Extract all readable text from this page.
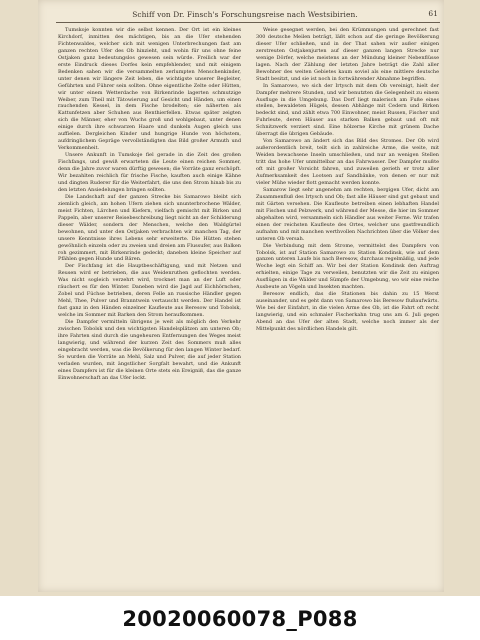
Schiff von Dr. Finsch's Forschungsreise nach Westsibirien.	61

Tumskoje konnten wir die selbst kennen. Der Ort ist ein kleines Kirchdorf, inmitten des mächtigen, bis an die Ufer stehenden Fichtenwaldes, welcher sich mit wenigen Unterbrechungen fast am ganzen rechten Ufer des Ob hinzieht, und wohin für uns ohne feine Ostjaken ganz bedeutungslos gewesen sein würde. Freilich war der erste Eindruck dieses Dorfes kein empfehlender, und mit einigem Bedenken sahen wir die versammelten zerlumpten Menschenkinder, unter denen wir längere Zeit leben, die wichtigste unserer Begleiter, Geführten und Führer sein sollten. Ohne eigentliche Zelte oder Hütten, wir unter einem Wetterdache von Birkenrinde lagerten schmutzige Weiber, zum Theil mit Tätowierung auf Gesicht und Händen, um einen rauchenden Kessel, in dem Fische brodelten; sie näherten als Kattunfetzen aber Schuhen aus Renthierfellen. Etwas später zeigten sich die Männer, eher von Wuchs groß und wohlgebaut, unter denen einige durch ihre schwarzen Haare und dunkeln Augen gleich uns auffielen. Dergleichen Kinder und hungrige Hunde von höchstem, aufdringlichem Gepräge vervollständigten das Bild großer Armuth und Verkommenheit.

Unsere Ankunft in Tumskoje fiel gerade in die Zeit des großen Fischfangs, und gewiß erwarteten die Leute einen reichen Sommer, denn die Jahre zuvor waren dürftig gewesen; die Vorräte ganz erschöpft. Wir bezahlten reichlich für frische Fische, kauften auch einige Kähne und dingten Ruderer für die Weiterfahrt, die uns den Strom hinab bis zu den letzten Ansiedelungen bringen sollten.

Die Landschaft auf der ganzen Strecke bis Samarowo bleibt sich ziemlich gleich, am hohen Ufern ziehen sich ununterbrochene Wälder, meist Fichten, Lärchen und Kiefern, vielfach gemischt mit Birken und Pappeln, aber unserer Reisebeschreibung liegt nicht an der Schilderung dieser Wälder, sondern der Menschen, welche den Waldgürtel bewohnen, und unter den Ostjaken verbrachten wir manchen Tag, der unsere Kenntnisse ihres Lebens sehr erweiterte. Die Hütten stehen gewöhnlich einzeln oder zu zweien und dreien am Flussufer, aus Balken roh gezimmert, mit Birkenrinde gedeckt; daneben kleine Speicher auf Pfählen gegen Hunde und Bären.

Der Fischfang ist die Hauptbeschäftigung, und mit Netzen und Reusen wird er betrieben, die aus Weidenruthen geflochten werden. Was nicht sogleich verzehrt wird, trocknet man an der Luft oder räuchert es für den Winter. Daneben wird die Jagd auf Eichhörnchen, Zobel und Füchse betrieben, deren Felle an russische Händler gegen Mehl, Thee, Pulver und Branntwein vertauscht werden. Der Handel ist fast ganz in den Händen einzelner Kaufleute aus Beresow und Tobolsk, welche im Sommer mit Barken den Strom heraufkommen.

Die Dampfer vermitteln übrigens je weit als möglich den Verkehr zwischen Tobolsk und den wichtigsten Handelsplätzen am unteren Ob; ihre Fahrten sind durch die ungeheuren Entfernungen des Weges meist langwierig, und während der kurzen Zeit des Sommers muß alles eingebracht werden, was die Bevölkerung für den langen Winter bedarf. So wurden die Vorräte an Mehl, Salz und Pulver, die auf jeder Station verladen wurden, mit ängstlicher Sorgfalt bewahrt, und die Ankunft eines Dampfers ist für die kleinen Orte stets ein Ereigniß, das die ganze Einwohnerschaft an das Ufer lockt.

Weise gesegnet werden, bei den Krümmungen und gerechnet fast 300 deutsche Meilen beträgt, läßt schon auf die geringe Bevölkerung dieser Ufer schließen, und in der That sahen wir außer einigen zerstreuten Ostjakenjurten auf dieser ganzen langen Strecke nur wenige Dörfer, welche meistens an der Mündung kleiner Nebenflüsse lagen. Nach der Zählung der letzten Jahre beträgt die Zahl aller Bewohner des weiten Gebietes kaum soviel als eine mittlere deutsche Stadt besitzt, und sie ist noch in fortwährender Abnahme begriffen.

In Samarowo, wo sich der Irtysch mit dem Ob vereinigt, hielt der Dampfer mehrere Stunden, und wir benutzten die Gelegenheit zu einem Ausfluge in die Umgebung. Das Dorf liegt malerisch am Fuße eines steilen, bewaldeten Hügels, dessen Abhänge mit Cedern und Birken bedeckt sind, und zählt etwa 700 Einwohner, meist Russen, Fischer und Fuhrleute, deren Häuser aus starken Balken gebaut und oft mit Schnitzwerk verziert sind. Eine hölzerne Kirche mit grünem Dache überragt die übrigen Gebäude.

Von Samarowo an ändert sich das Bild des Stromes. Der Ob wird außerordentlich breit, teilt sich in zahlreiche Arme, die weite, mit Weiden bewachsene Inseln umschließen, und nur an wenigen Stellen tritt das hohe Ufer unmittelbar an das Fahrwasser. Der Dampfer mußte oft mit großer Vorsicht fahren, und zuweilen gerieth er trotz aller Aufmerksamkeit des Lootsen auf Sandbänke, von denen er nur mit vieler Mühe wieder flott gemacht werden konnte.

Samarow liegt sehr angenehm am rechten, bergigen Ufer, dicht am Zusammenfluß des Irtysch und Ob; fast alle Häuser sind gut gebaut und mit Gärten versehen. Die Kaufleute betreiben einen lebhaften Handel mit Fischen und Pelzwerk, und während der Messe, die hier im Sommer abgehalten wird, versammeln sich Händler aus weiter Ferne. Wir trafen einen der reichsten Kaufleute des Ortes, welcher uns gastfreundlich aufnahm und mit manchen werthvollen Nachrichten über die Völker des unteren Ob versah.

Die Verbindung mit dem Strome, vermittelst des Dampfers von Tobolsk, ist auf Station Samarowo zu Station Kondinsk, wie auf dem ganzen unteren Laufe bis nach Beresow, durchaus regelmäßig, und jede Woche legt ein Schiff an. Wir bei der Station Kondinsk den Auftrag erhielten, einige Tage zu verweilen, benutzten wir die Zeit zu einigen Ausflügen in die Wälder und Sümpfe der Umgebung, wo wir eine reiche Ausbeute an Vögeln und Insekten machten.

Beresow endlich, das die Stationen bis dahin zu 15 Werst auseinander, und es geht dann von Samarowo bis Beresow flußaufwärts. Wie bei der Einfahrt, in die vielen Arme des Ob, ist die Fahrt oft recht langwierig, und ein schmaler Fischerkahn trug uns am 6. Juli gegen Abend an das Ufer der alten Stadt, welche noch immer als der Mittelpunkt des nördlichen Handels gilt.

20020060078_P088
